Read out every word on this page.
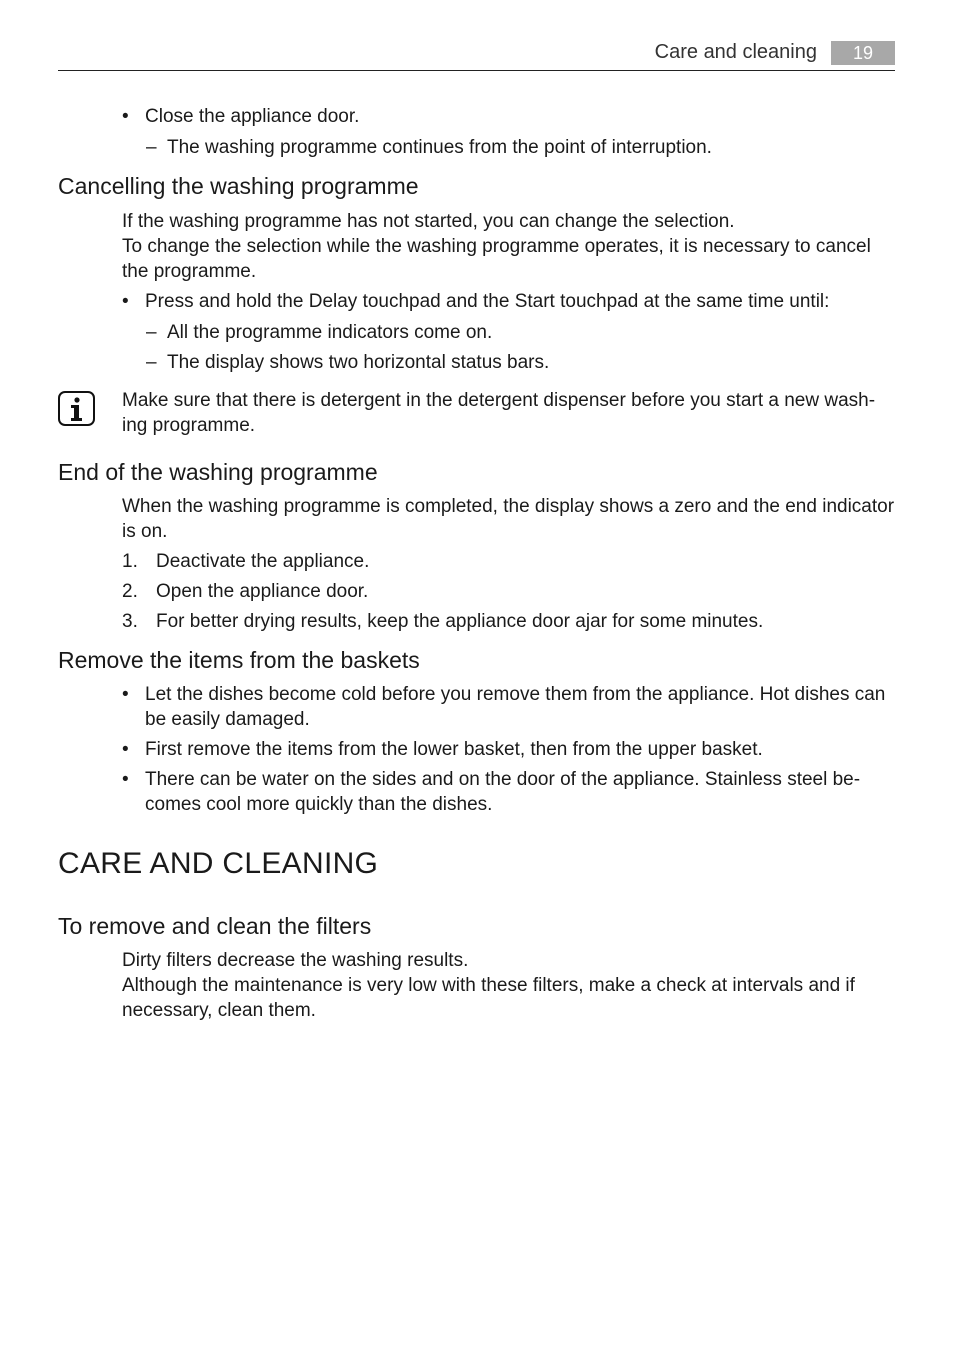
Care and cleaning	19
• Close the appliance door.
– The washing programme continues from the point of interruption.
Cancelling the washing programme
If the washing programme has not started, you can change the selection.
To change the selection while the washing programme operates, it is necessary to cancel
the programme.
• Press and hold the Delay touchpad and the Start touchpad at the same time until:
– All the programme indicators come on.
– The display shows two horizontal status bars.
Make sure that there is detergent in the detergent dispenser before you start a new wash-
ing programme.
End of the washing programme
When the washing programme is completed, the display shows a zero and the end indicator
is on.
1. Deactivate the appliance.
2. Open the appliance door.
3. For better drying results, keep the appliance door ajar for some minutes.
Remove the items from the baskets
• Let the dishes become cold before you remove them from the appliance. Hot dishes can
be easily damaged.
• First remove the items from the lower basket, then from the upper basket.
• There can be water on the sides and on the door of the appliance. Stainless steel be-
comes cool more quickly than the dishes.
CARE AND CLEANING
To remove and clean the filters
Dirty filters decrease the washing results.
Although the maintenance is very low with these filters, make a check at intervals and if
necessary, clean them.
